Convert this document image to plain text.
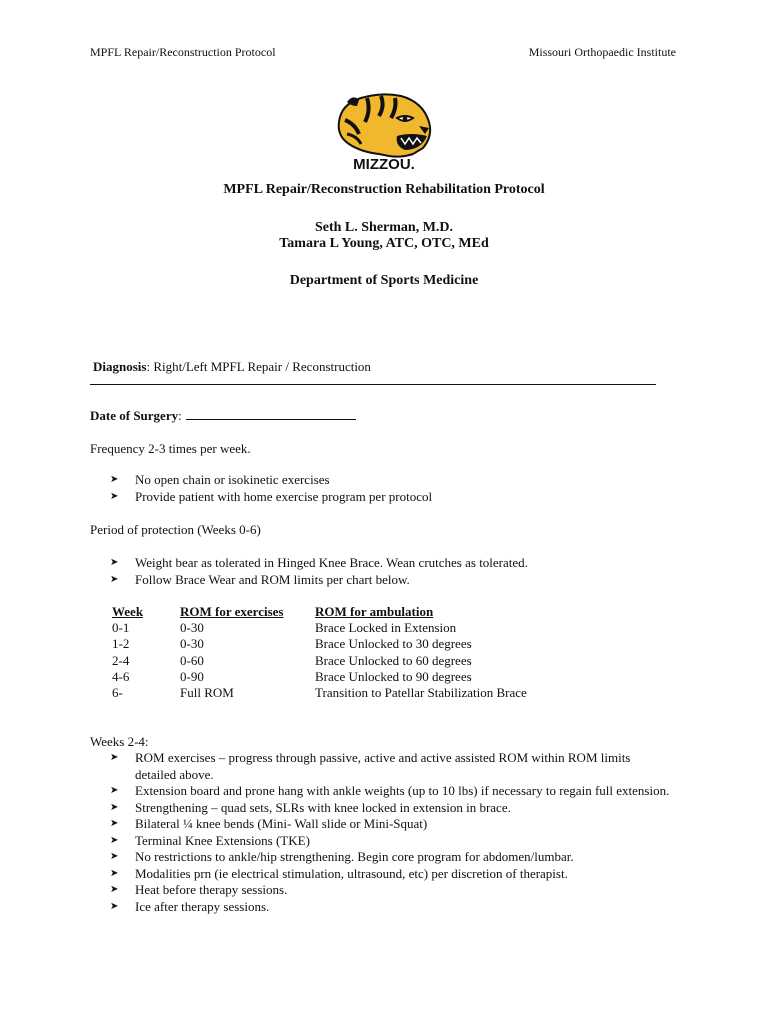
MPFL Repair/Reconstruction Protocol	Missouri Orthopaedic Institute
MIZZOU.
MPFL Repair/Reconstruction Rehabilitation Protocol
Seth L. Sherman, M.D.
Tamara L Young, ATC, OTC, MEd
Department of Sports Medicine
Diagnosis: Right/Left MPFL Repair / Reconstruction
Date of Surgery:
Frequency 2-3 times per week.
➤ No open chain or isokinetic exercises
➤ Provide patient with home exercise program per protocol
Period of protection (Weeks 0-6)
➤ Weight bear as tolerated in Hinged Knee Brace. Wean crutches as tolerated.
➤ Follow Brace Wear and ROM limits per chart below.
Week	ROM for exercises	ROM for ambulation
0-1	0-30	Brace Locked in Extension
1-2	0-30	Brace Unlocked to 30 degrees
2-4	0-60	Brace Unlocked to 60 degrees
4-6	0-90	Brace Unlocked to 90 degrees
6-	Full ROM	Transition to Patellar Stabilization Brace
Weeks 2-4:
➤ ROM exercises – progress through passive, active and active assisted ROM within ROM limits detailed above.
➤ Extension board and prone hang with ankle weights (up to 10 lbs) if necessary to regain full extension.
➤ Strengthening – quad sets, SLRs with knee locked in extension in brace.
➤ Bilateral ¼ knee bends (Mini- Wall slide or Mini-Squat)
➤ Terminal Knee Extensions (TKE)
➤ No restrictions to ankle/hip strengthening. Begin core program for abdomen/lumbar.
➤ Modalities prn (ie electrical stimulation, ultrasound, etc) per discretion of therapist.
➤ Heat before therapy sessions.
➤ Ice after therapy sessions.
